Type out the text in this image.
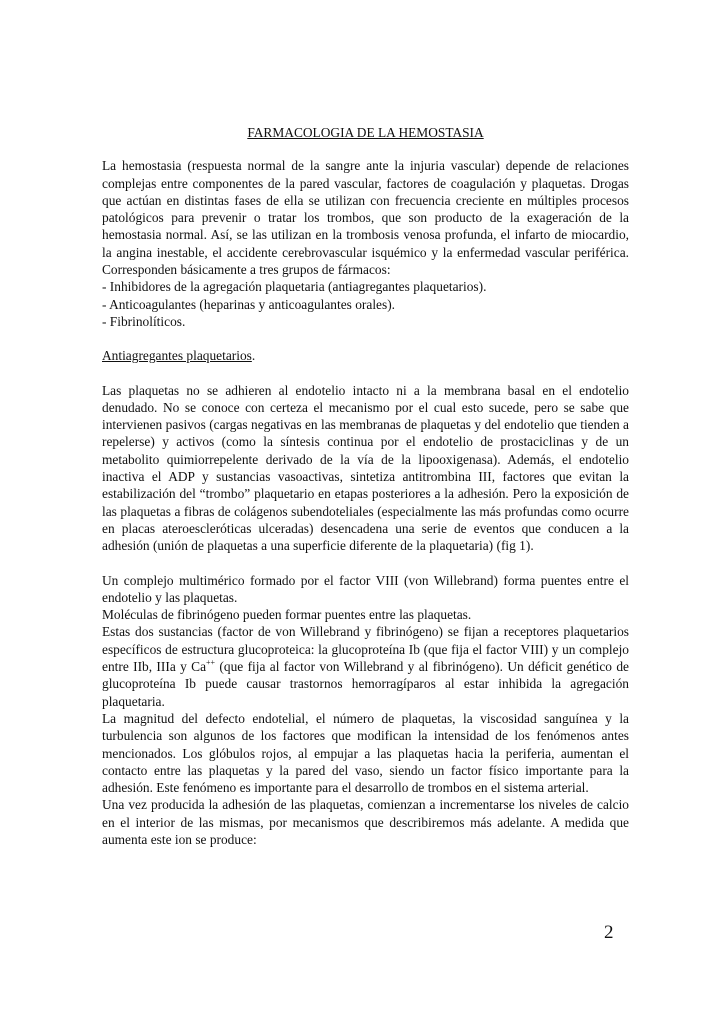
FARMACOLOGIA DE LA HEMOSTASIA

La hemostasia (respuesta normal de la sangre ante la injuria vascular) depende de relaciones complejas entre componentes de la pared vascular, factores de coagulación y plaquetas. Drogas que actúan en distintas fases de ella se utilizan con frecuencia creciente en múltiples procesos patológicos para prevenir o tratar los trombos, que son producto de la exageración de la hemostasia normal. Así, se las utilizan en la trombosis venosa profunda, el infarto de miocardio, la angina inestable, el accidente cerebrovascular isquémico y la enfermedad vascular periférica. Corresponden básicamente a tres grupos de fármacos:

- Inhibidores de la agregación plaquetaria (antiagregantes plaquetarios).
- Anticoagulantes (heparinas y anticoagulantes orales).
- Fibrinolíticos.

Antiagregantes plaquetarios.

Las plaquetas no se adhieren al endotelio intacto ni a la membrana basal en el endotelio denudado. No se conoce con certeza el mecanismo por el cual esto sucede, pero se sabe que intervienen pasivos (cargas negativas en las membranas de plaquetas y del endotelio que tienden a repelerse) y activos (como la síntesis continua por el endotelio de prostaciclinas y de un metabolito quimiorrepelente derivado de la vía de la lipooxigenasa). Además, el endotelio inactiva el ADP y sustancias vasoactivas, sintetiza antitrombina III, factores que evitan la estabilización del “trombo” plaquetario en etapas posteriores a la adhesión. Pero la exposición de las plaquetas a fibras de colágenos subendoteliales (especialmente las más profundas como ocurre en placas ateroescleróticas ulceradas) desencadena una serie de eventos que conducen a la adhesión (unión de plaquetas a una superficie diferente de la plaquetaria) (fig 1).

Un complejo multimérico formado por el factor VIII (von Willebrand) forma puentes entre el endotelio y las plaquetas.

Moléculas de fibrinógeno pueden formar puentes entre las plaquetas.

Estas dos sustancias (factor de von Willebrand y fibrinógeno) se fijan a receptores plaquetarios específicos de estructura glucoproteica: la glucoproteína Ib (que fija el factor VIII) y un complejo entre IIb, IIIa y Ca++ (que fija al factor von Willebrand y al fibrinógeno). Un déficit genético de glucoproteína Ib puede causar trastornos hemorragíparos al estar inhibida la agregación plaquetaria.

La magnitud del defecto endotelial, el número de plaquetas, la viscosidad sanguínea y la turbulencia son algunos de los factores que modifican la intensidad de los fenómenos antes mencionados. Los glóbulos rojos, al empujar a las plaquetas hacia la periferia, aumentan el contacto entre las plaquetas y la pared del vaso, siendo un factor físico importante para la adhesión. Este fenómeno es importante para el desarrollo de trombos en el sistema arterial.

Una vez producida la adhesión de las plaquetas, comienzan a incrementarse los niveles de calcio en el interior de las mismas, por mecanismos que describiremos más adelante. A medida que aumenta este ion se produce:

2
